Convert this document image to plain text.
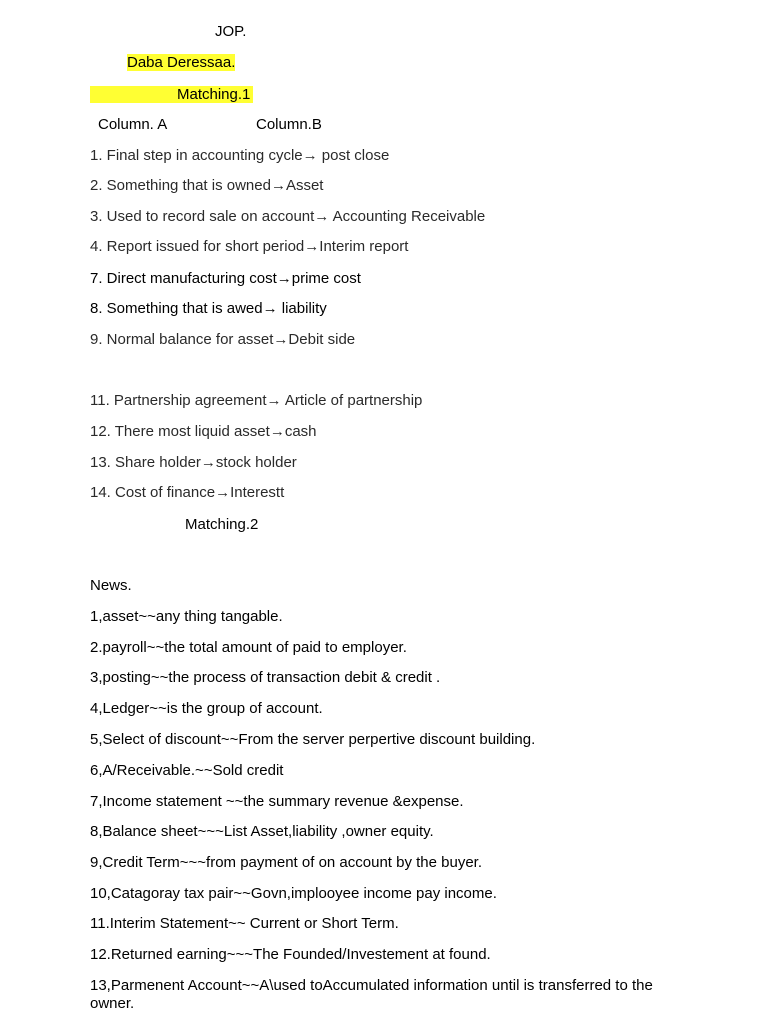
JOP.
Daba Deressaa.
Matching.1
Column. A	Column.B
1. Final step in accounting cycle→ post close
2. Something that is owned→Asset
3. Used to record sale on account→ Accounting Receivable
4. Report issued for short period→Interim report
7. Direct manufacturing cost→prime cost
8. Something that is awed→ liability
9. Normal balance for asset→Debit side
11. Partnership agreement→ Article of partnership
12. There most liquid asset→cash
13. Share holder→stock holder
14. Cost of finance→Interestt
Matching.2
News.
1,asset~~any thing tangable.
2.payroll~~the total amount of paid to employer.
3,posting~~the process of transaction debit & credit .
4,Ledger~~is the group of account.
5,Select of discount~~From the server perpertive discount building.
6,A/Receivable.~~Sold credit
7,Income statement ~~the summary revenue &expense.
8,Balance sheet~~~List Asset,liability ,owner equity.
9,Credit Term~~~from payment of on account by the buyer.
10,Catagoray tax pair~~Govn,implooyee income pay income.
11.Interim Statement~~ Current or Short Term.
12.Returned earning~~~The Founded/Investement at found.
13,Parmenent Account~~A\used toAccumulated information until is transferred to the owner.
